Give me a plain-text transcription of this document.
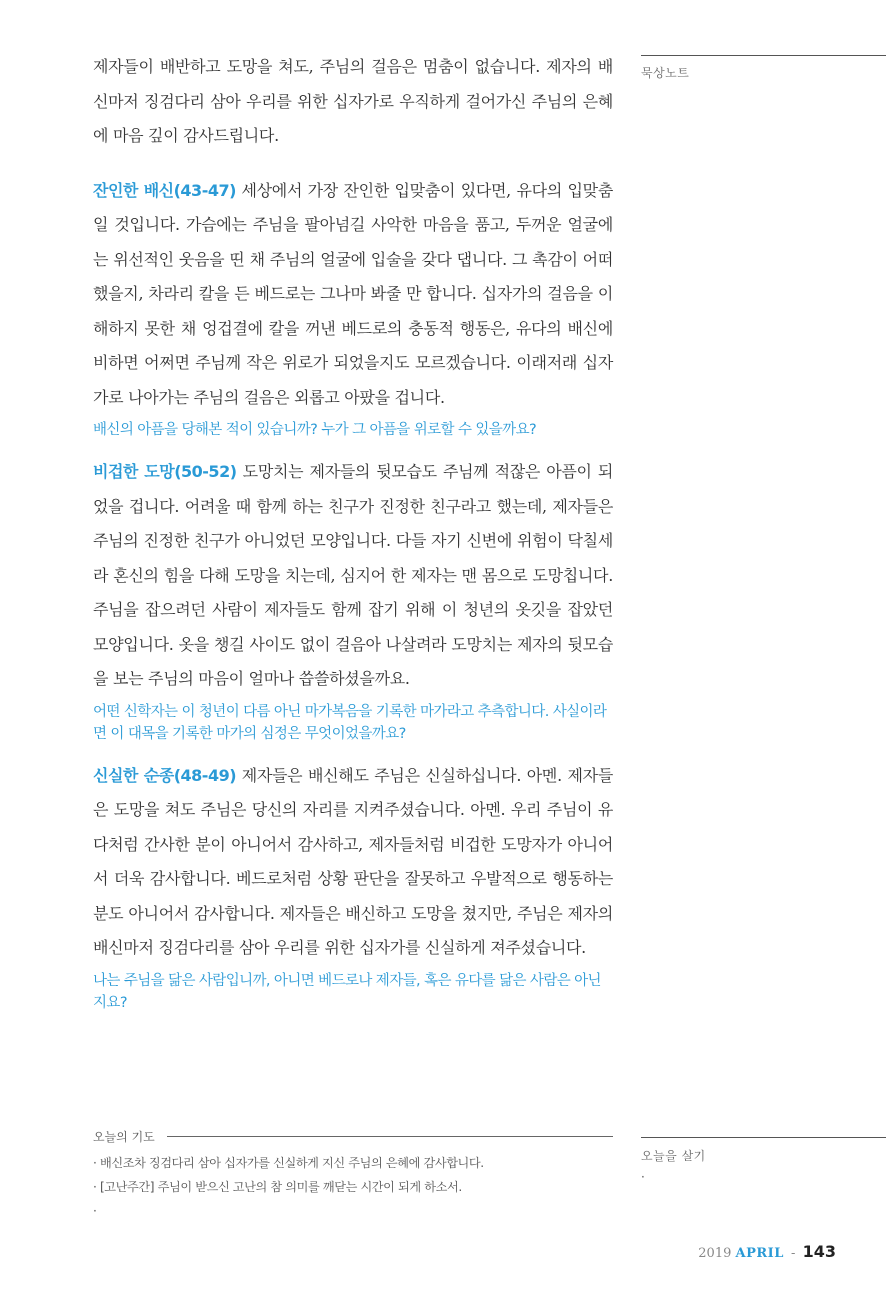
제자들이 배반하고 도망을 쳐도, 주님의 걸음은 멈춤이 없습니다. 제자의 배신마저 징검다리 삼아 우리를 위한 십자가로 우직하게 걸어가신 주님의 은혜에 마음 깊이 감사드립니다.

잔인한 배신(43-47) 세상에서 가장 잔인한 입맞춤이 있다면, 유다의 입맞춤일 것입니다. 가슴에는 주님을 팔아넘길 사악한 마음을 품고, 두꺼운 얼굴에는 위선적인 웃음을 띤 채 주님의 얼굴에 입술을 갖다 댑니다. 그 촉감이 어떠했을지, 차라리 칼을 든 베드로는 그나마 봐줄 만 합니다. 십자가의 걸음을 이해하지 못한 채 엉겁결에 칼을 꺼낸 베드로의 충동적 행동은, 유다의 배신에 비하면 어쩌면 주님께 작은 위로가 되었을지도 모르겠습니다. 이래저래 십자가로 나아가는 주님의 걸음은 외롭고 아팠을 겁니다.

배신의 아픔을 당해본 적이 있습니까? 누가 그 아픔을 위로할 수 있을까요?

비겁한 도망(50-52) 도망치는 제자들의 뒷모습도 주님께 적잖은 아픔이 되었을 겁니다. 어려울 때 함께 하는 친구가 진정한 친구라고 했는데, 제자들은 주님의 진정한 친구가 아니었던 모양입니다. 다들 자기 신변에 위험이 닥칠세라 혼신의 힘을 다해 도망을 치는데, 심지어 한 제자는 맨 몸으로 도망칩니다. 주님을 잡으려던 사람이 제자들도 함께 잡기 위해 이 청년의 옷깃을 잡았던 모양입니다. 옷을 챙길 사이도 없이 걸음아 나살려라 도망치는 제자의 뒷모습을 보는 주님의 마음이 얼마나 씁쓸하셨을까요.

어떤 신학자는 이 청년이 다름 아닌 마가복음을 기록한 마가라고 추측합니다. 사실이라면 이 대목을 기록한 마가의 심정은 무엇이었을까요?

신실한 순종(48-49) 제자들은 배신해도 주님은 신실하십니다. 아멘. 제자들은 도망을 쳐도 주님은 당신의 자리를 지켜주셨습니다. 아멘. 우리 주님이 유다처럼 간사한 분이 아니어서 감사하고, 제자들처럼 비겁한 도망자가 아니어서 더욱 감사합니다. 베드로처럼 상황 판단을 잘못하고 우발적으로 행동하는 분도 아니어서 감사합니다. 제자들은 배신하고 도망을 쳤지만, 주님은 제자의 배신마저 징검다리를 삼아 우리를 위한 십자가를 신실하게 져주셨습니다.

나는 주님을 닮은 사람입니까, 아니면 베드로나 제자들, 혹은 유다를 닮은 사람은 아닌지요?

묵상노트
오늘의 기도
· 배신조차 징검다리 삼아 십자가를 신실하게 지신 주님의 은혜에 감사합니다.
· [고난주간] 주님이 받으신 고난의 참 의미를 깨닫는 시간이 되게 하소서.
·
오늘을 살기
·
2019 APRIL - 143
